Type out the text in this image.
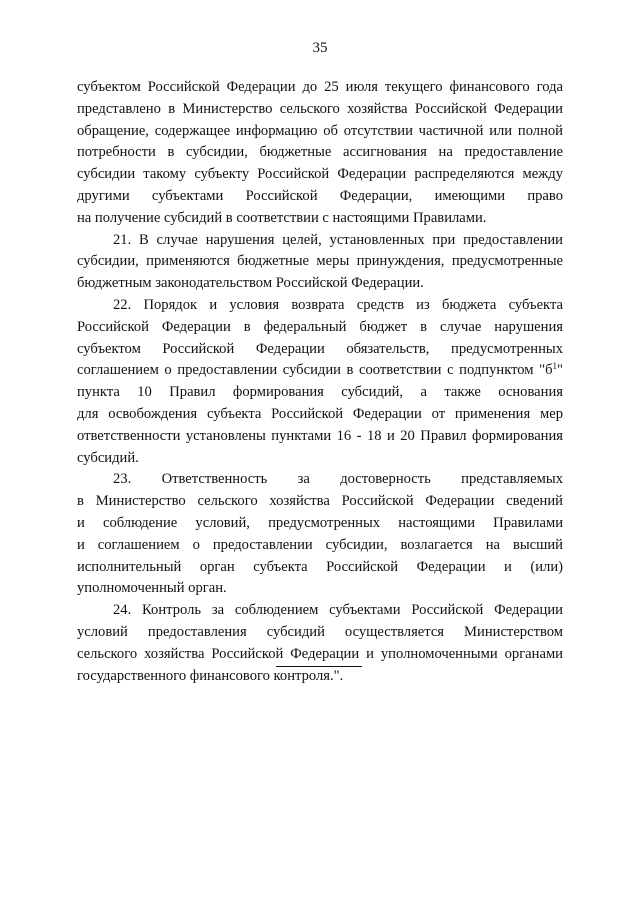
35
субъектом Российской Федерации до 25 июля текущего финансового года
представлено в Министерство сельского хозяйства Российской Федерации
обращение, содержащее информацию об отсутствии частичной или полной
потребности в субсидии, бюджетные ассигнования на предоставление
субсидии такому субъекту Российской Федерации распределяются между
другими субъектами Российской Федерации, имеющими право
на получение субсидий в соответствии с настоящими Правилами.
21. В случае нарушения целей, установленных при предоставлении
субсидии, применяются бюджетные меры принуждения, предусмотренные
бюджетным законодательством Российской Федерации.
22. Порядок и условия возврата средств из бюджета субъекта
Российской Федерации в федеральный бюджет в случае нарушения
субъектом Российской Федерации обязательств, предусмотренных
соглашением о предоставлении субсидии в соответствии с подпунктом "$б^1$"
пункта 10 Правил формирования субсидий, а также основания
для освобождения субъекта Российской Федерации от применения мер
ответственности установлены пунктами 16 - 18 и 20 Правил формирования
субсидий.
23. Ответственность за достоверность представляемых
в Министерство сельского хозяйства Российской Федерации сведений
и соблюдение условий, предусмотренных настоящими Правилами
и соглашением о предоставлении субсидии, возлагается на высший
исполнительный орган субъекта Российской Федерации и (или)
уполномоченный орган.
24. Контроль за соблюдением субъектами Российской Федерации
условий предоставления субсидий осуществляется Министерством
сельского хозяйства Российской Федерации и уполномоченными органами
государственного финансового контроля.".
